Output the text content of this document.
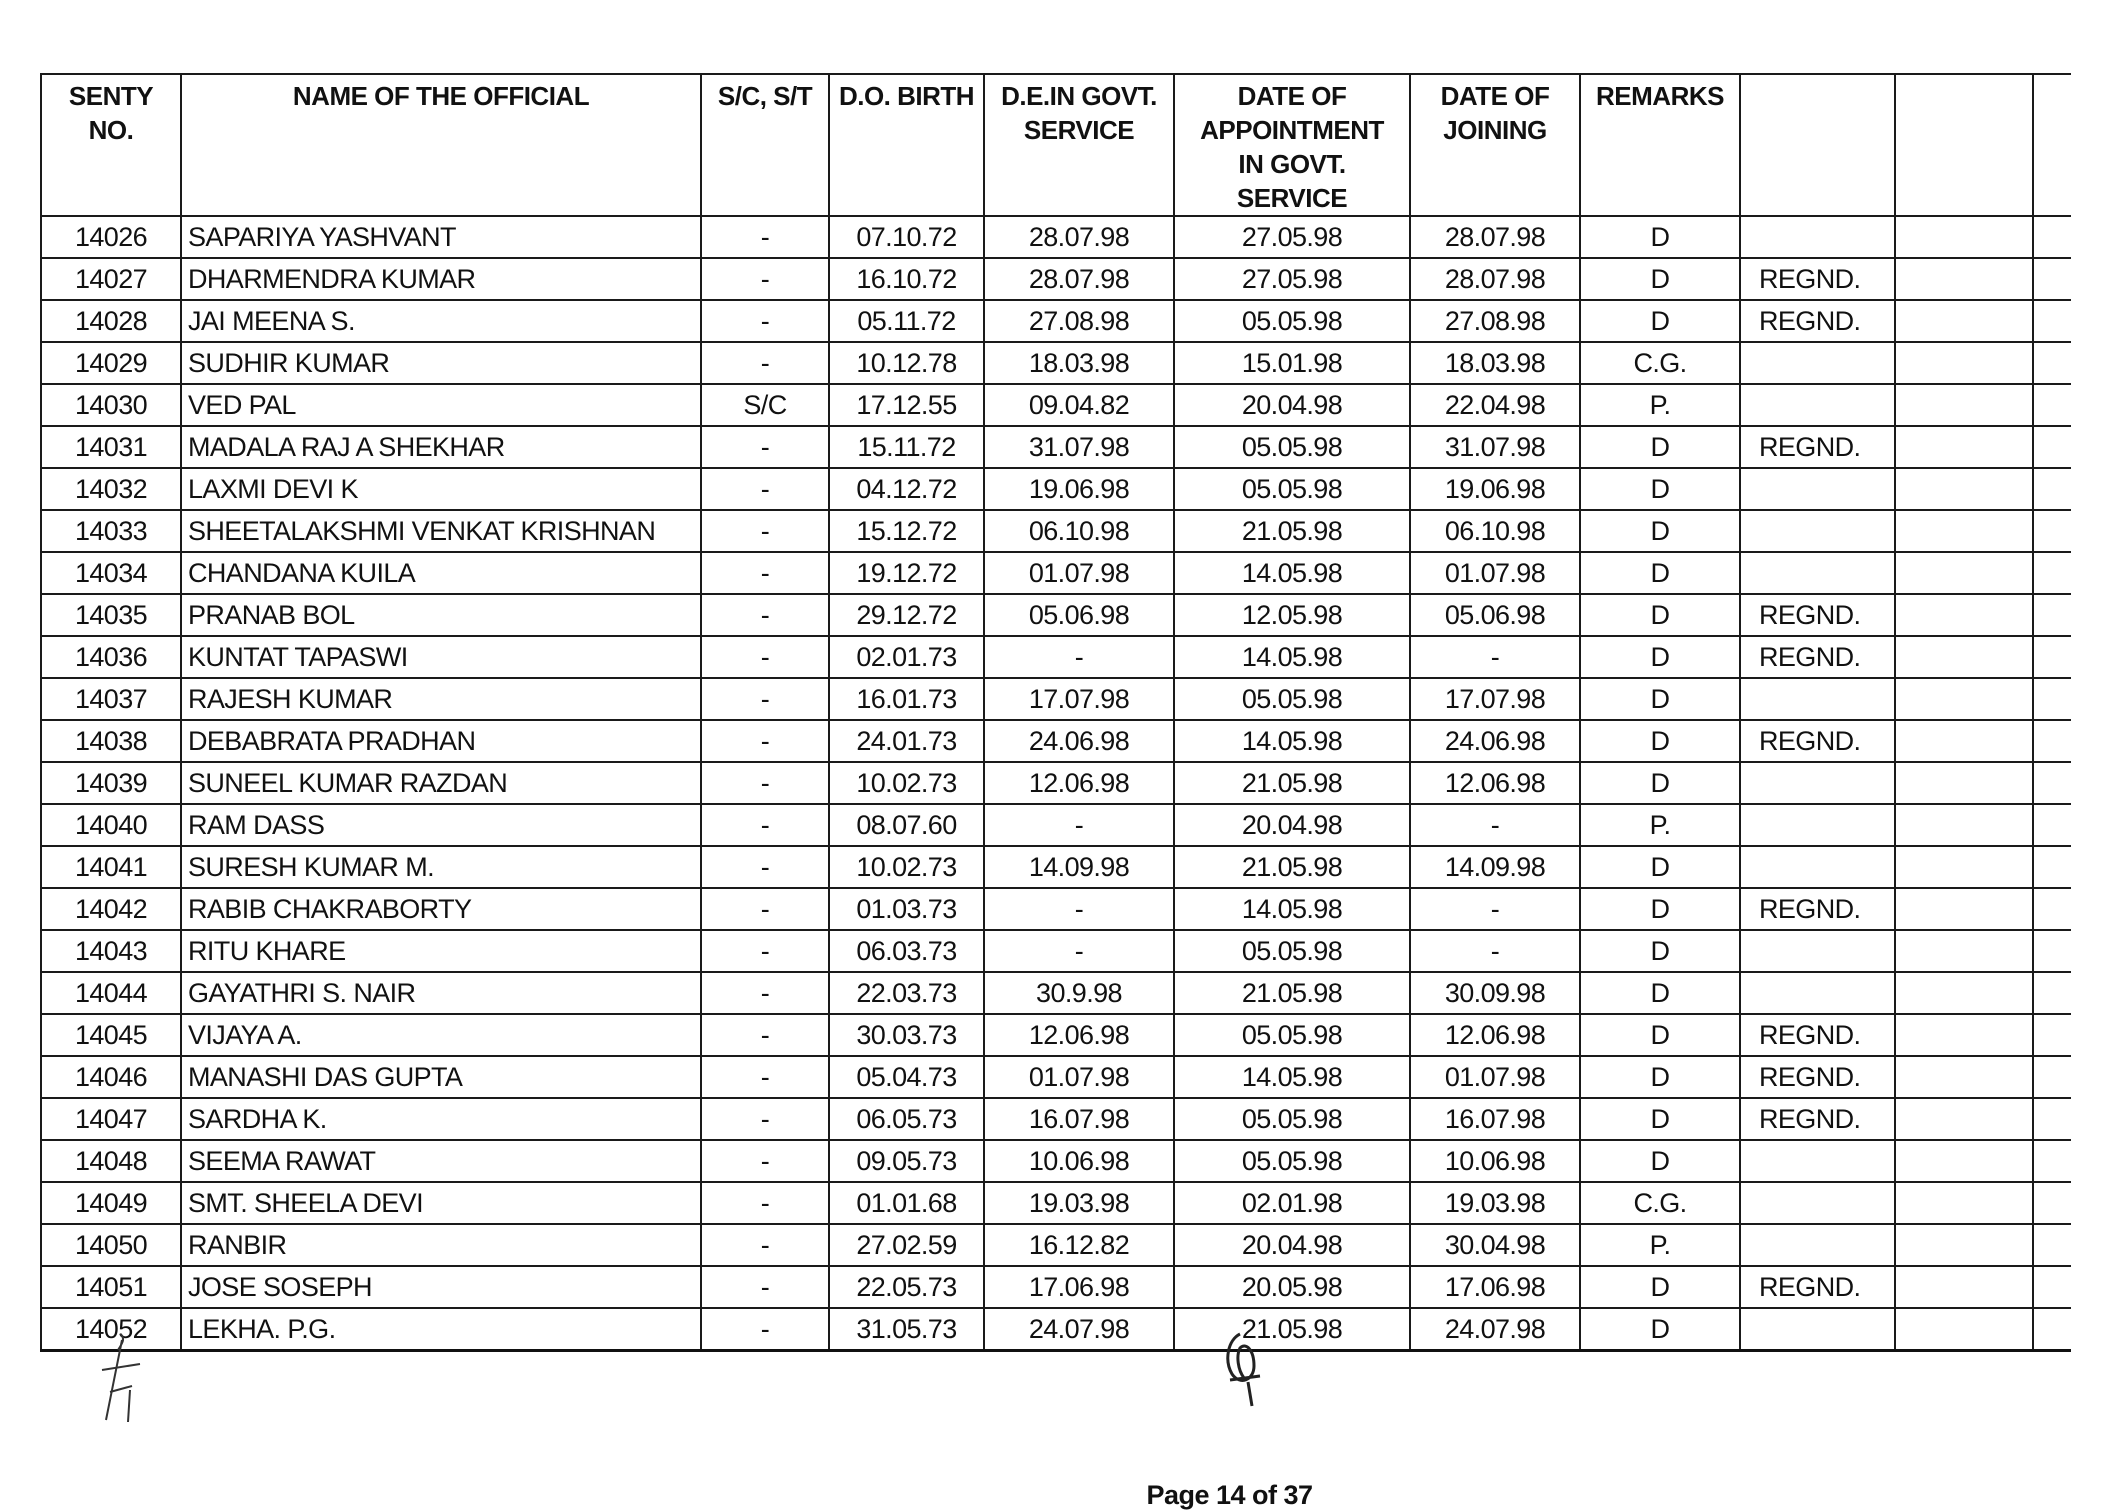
SENTY NO.	NAME OF THE OFFICIAL	S/C, S/T	D.O. BIRTH	D.E.IN GOVT. SERVICE	DATE OF APPOINTMENT IN GOVT. SERVICE	DATE OF JOINING	REMARKS			
14026	SAPARIYA YASHVANT	-	07.10.72	28.07.98	27.05.98	28.07.98	D			
14027	DHARMENDRA KUMAR	-	16.10.72	28.07.98	27.05.98	28.07.98	D	REGND.		
14028	JAI MEENA S.	-	05.11.72	27.08.98	05.05.98	27.08.98	D	REGND.		
14029	SUDHIR KUMAR	-	10.12.78	18.03.98	15.01.98	18.03.98	C.G.			
14030	VED PAL	S/C	17.12.55	09.04.82	20.04.98	22.04.98	P.			
14031	MADALA RAJ A SHEKHAR	-	15.11.72	31.07.98	05.05.98	31.07.98	D	REGND.		
14032	LAXMI DEVI K	-	04.12.72	19.06.98	05.05.98	19.06.98	D			
14033	SHEETALAKSHMI VENKAT KRISHNAN	-	15.12.72	06.10.98	21.05.98	06.10.98	D			
14034	CHANDANA KUILA	-	19.12.72	01.07.98	14.05.98	01.07.98	D			
14035	PRANAB BOL	-	29.12.72	05.06.98	12.05.98	05.06.98	D	REGND.		
14036	KUNTAT TAPASWI	-	02.01.73	-	14.05.98	-	D	REGND.		
14037	RAJESH KUMAR	-	16.01.73	17.07.98	05.05.98	17.07.98	D			
14038	DEBABRATA PRADHAN	-	24.01.73	24.06.98	14.05.98	24.06.98	D	REGND.		
14039	SUNEEL KUMAR RAZDAN	-	10.02.73	12.06.98	21.05.98	12.06.98	D			
14040	RAM DASS	-	08.07.60	-	20.04.98	-	P.			
14041	SURESH KUMAR M.	-	10.02.73	14.09.98	21.05.98	14.09.98	D			
14042	RABIB CHAKRABORTY	-	01.03.73	-	14.05.98	-	D	REGND.		
14043	RITU KHARE	-	06.03.73	-	05.05.98	-	D			
14044	GAYATHRI S. NAIR	-	22.03.73	30.9.98	21.05.98	30.09.98	D			
14045	VIJAYA A.	-	30.03.73	12.06.98	05.05.98	12.06.98	D	REGND.		
14046	MANASHI DAS GUPTA	-	05.04.73	01.07.98	14.05.98	01.07.98	D	REGND.		
14047	SARDHA K.	-	06.05.73	16.07.98	05.05.98	16.07.98	D	REGND.		
14048	SEEMA RAWAT	-	09.05.73	10.06.98	05.05.98	10.06.98	D			
14049	SMT. SHEELA DEVI	-	01.01.68	19.03.98	02.01.98	19.03.98	C.G.			
14050	RANBIR	-	27.02.59	16.12.82	20.04.98	30.04.98	P.			
14051	JOSE SOSEPH	-	22.05.73	17.06.98	20.05.98	17.06.98	D	REGND.		
14052	LEKHA. P.G.	-	31.05.73	24.07.98	21.05.98	24.07.98	D			
Page 14 of 37
